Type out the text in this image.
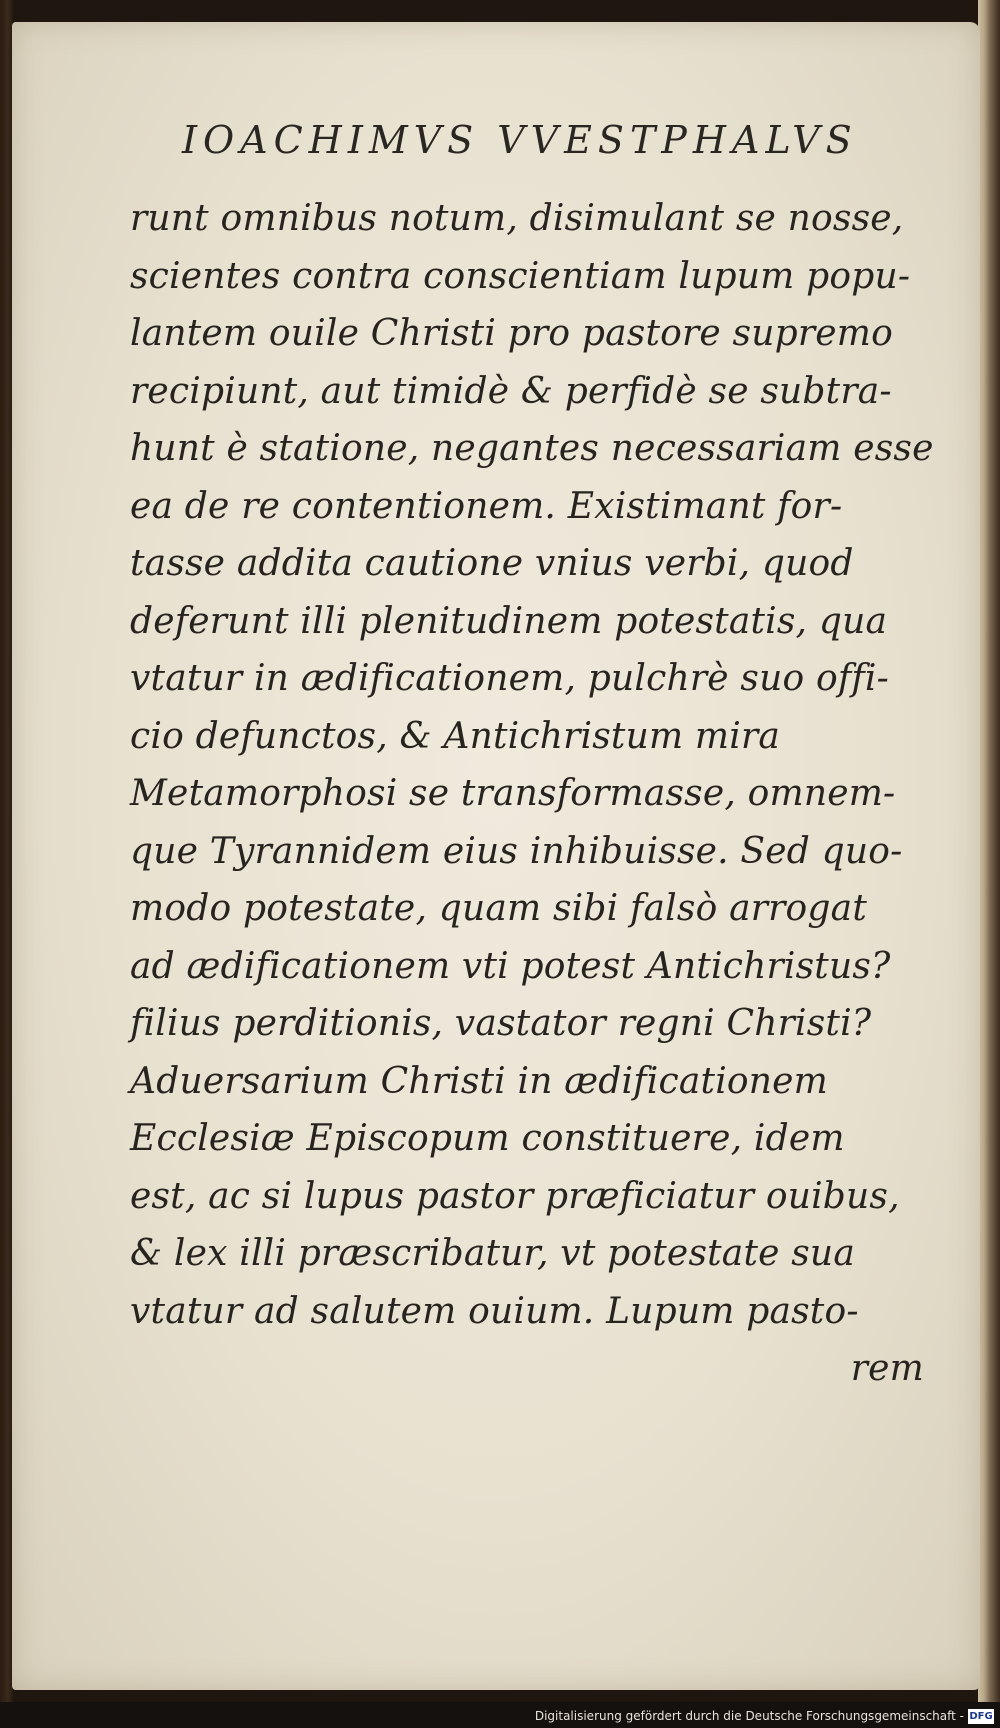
IOACHIMVS VVESTPHALVS
runt omnibus notum, disimulant se nosse,
scientes contra conscientiam lupum popu-
lantem ouile Christi pro pastore supremo
recipiunt, aut timidè & perfidè se subtra-
hunt è statione, negantes necessariam esse
ea de re contentionem. Existimant for-
tasse addita cautione vnius verbi, quod
deferunt illi plenitudinem potestatis, qua
vtatur in ædificationem, pulchrè suo offi-
cio defunctos, & Antichristum mira
Metamorphosi se transformasse, omnem-
que Tyrannidem eius inhibuisse. Sed quo-
modo potestate, quam sibi falsò arrogat
ad ædificationem vti potest Antichristus?
filius perditionis, vastator regni Christi?
Aduersarium Christi in ædificationem
Ecclesiæ Episcopum constituere, idem
est, ac si lupus pastor præficiatur ouibus,
& lex illi præscribatur, vt potestate sua
vtatur ad salutem ouium. Lupum pasto-
rem
Digitalisierung gefördert durch die Deutsche Forschungsgemeinschaft - DFG
